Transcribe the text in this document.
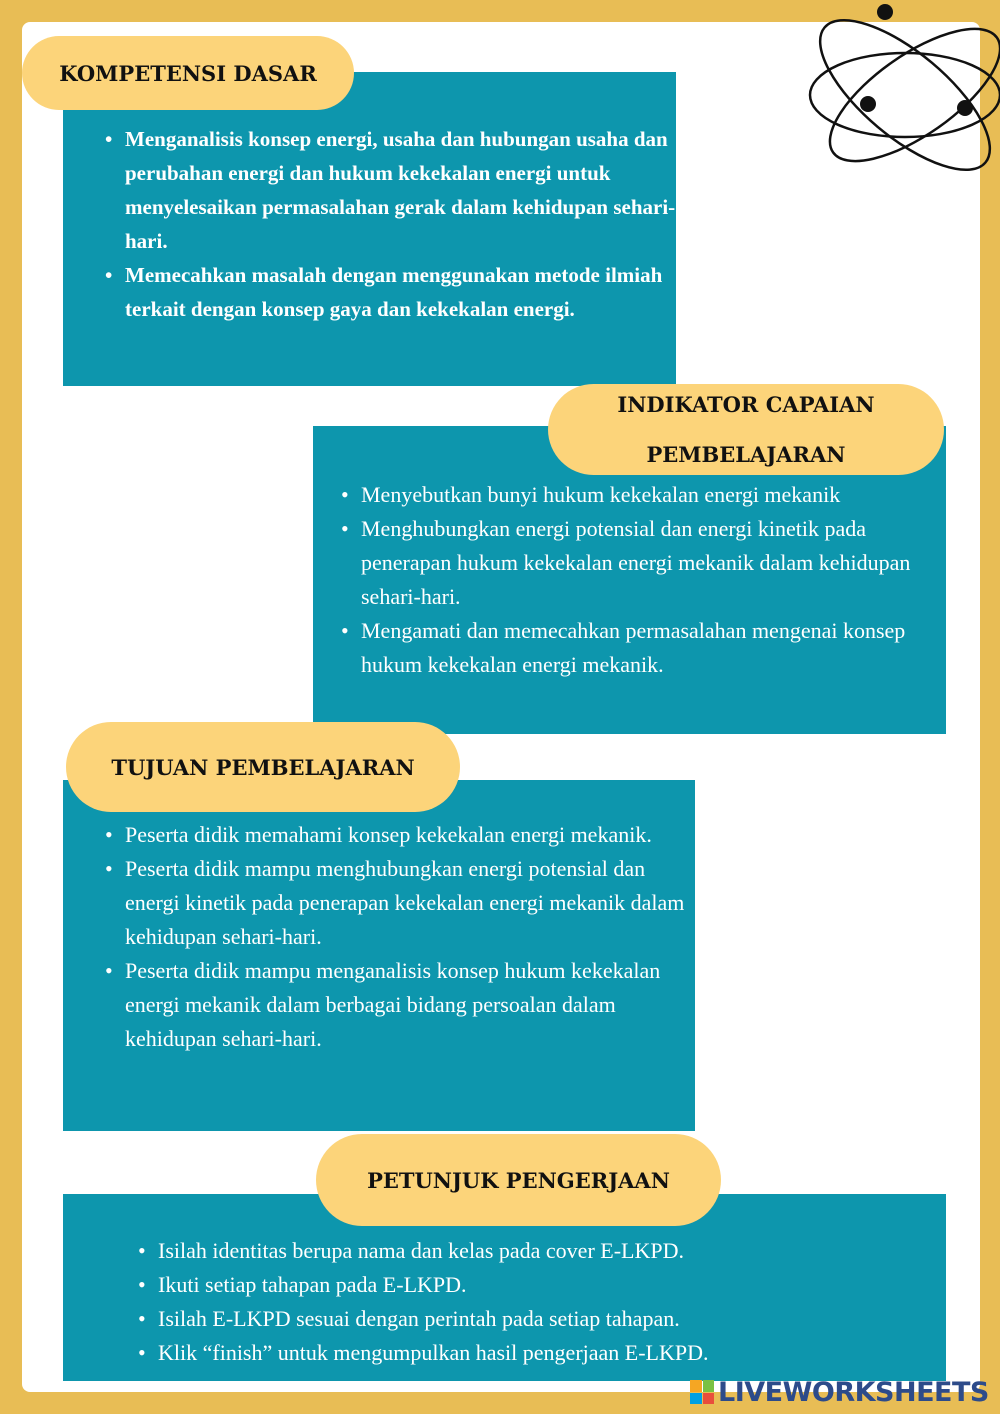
• Menganalisis konsep energi, usaha dan hubungan usaha dan perubahan energi dan hukum kekekalan energi untuk menyelesaikan permasalahan gerak dalam kehidupan sehari-hari.
• Memecahkan masalah dengan menggunakan metode ilmiah terkait dengan konsep gaya dan kekekalan energi.
KOMPETENSI DASAR
• Menyebutkan bunyi hukum kekekalan energi mekanik
• Menghubungkan energi potensial dan energi kinetik pada penerapan hukum kekekalan energi mekanik dalam kehidupan sehari-hari.
• Mengamati dan memecahkan permasalahan mengenai konsep hukum kekekalan energi mekanik.
INDIKATOR CAPAIAN
PEMBELAJARAN
• Peserta didik memahami konsep kekekalan energi mekanik.
• Peserta didik mampu menghubungkan energi potensial dan energi kinetik pada penerapan kekekalan energi mekanik dalam kehidupan sehari-hari.
• Peserta didik mampu menganalisis konsep hukum kekekalan energi mekanik dalam berbagai bidang persoalan dalam kehidupan sehari-hari.
TUJUAN PEMBELAJARAN
• Isilah identitas berupa nama dan kelas pada cover E-LKPD.
• Ikuti setiap tahapan pada E-LKPD.
• Isilah E-LKPD sesuai dengan perintah pada setiap tahapan.
• Klik “finish” untuk mengumpulkan hasil pengerjaan E-LKPD.
PETUNJUK PENGERJAAN
LIVEWORKSHEETS
